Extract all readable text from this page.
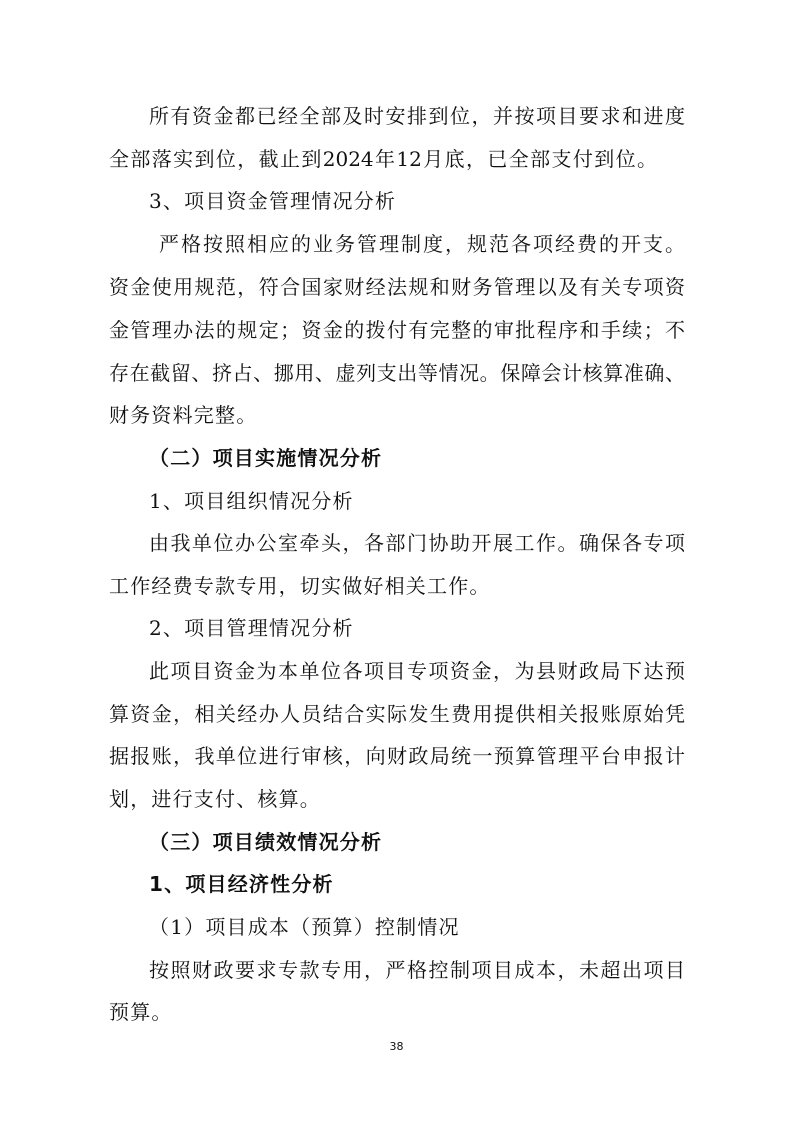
所有资金都已经全部及时安排到位，并按项目要求和进度
全部落实到位，截止到2024年12月底，已全部支付到位。
3、项目资金管理情况分析
严格按照相应的业务管理制度，规范各项经费的开支。
资金使用规范，符合国家财经法规和财务管理以及有关专项资
金管理办法的规定；资金的拨付有完整的审批程序和手续；不
存在截留、挤占、挪用、虚列支出等情况。保障会计核算准确、
财务资料完整。
（二）项目实施情况分析
1、项目组织情况分析
由我单位办公室牵头，各部门协助开展工作。确保各专项
工作经费专款专用，切实做好相关工作。
2、项目管理情况分析
此项目资金为本单位各项目专项资金，为县财政局下达预
算资金，相关经办人员结合实际发生费用提供相关报账原始凭
据报账，我单位进行审核，向财政局统一预算管理平台申报计
划，进行支付、核算。
（三）项目绩效情况分析
1、项目经济性分析
（1）项目成本（预算）控制情况
按照财政要求专款专用，严格控制项目成本，未超出项目
预算。
38
